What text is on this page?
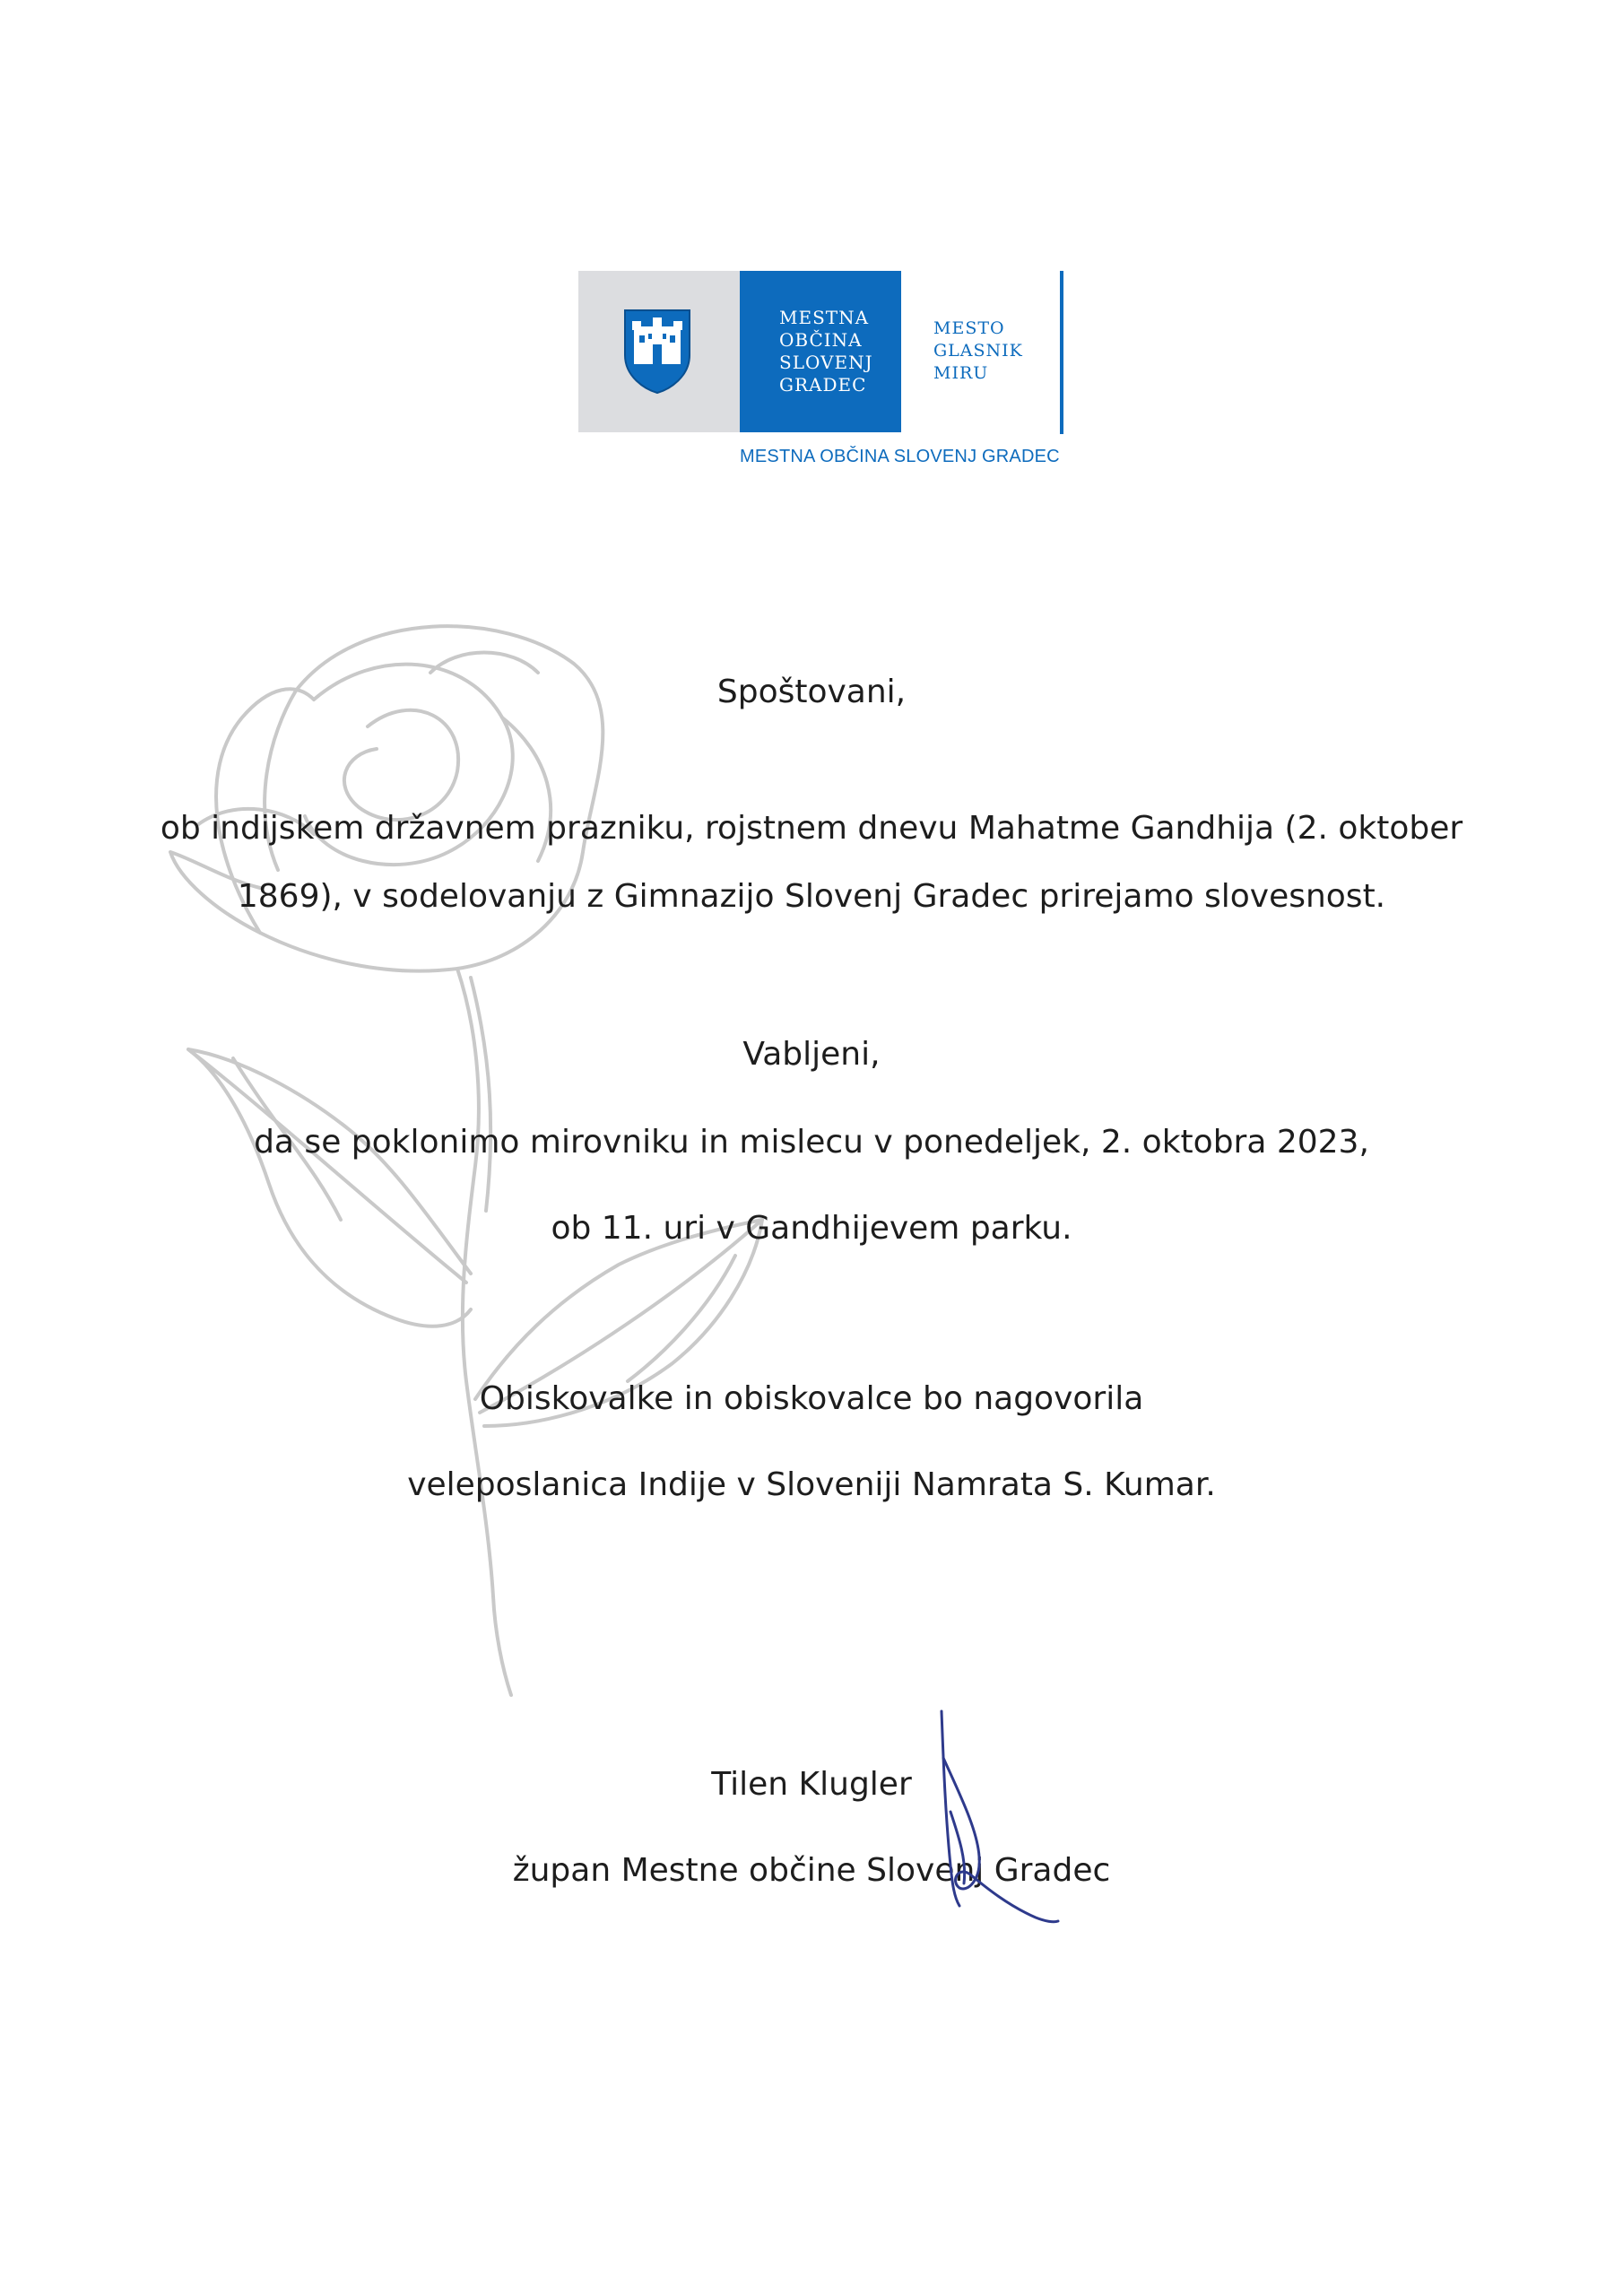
MESTNA
OBČINA
SLOVENJ
GRADEC
MESTO
GLASNIK
MIRU
MESTNA OBČINA SLOVENJ GRADEC
Spoštovani,
ob indijskem državnem prazniku, rojstnem dnevu Mahatme Gandhija (2. oktober
1869), v sodelovanju z Gimnazijo Slovenj Gradec prirejamo slovesnost.
Vabljeni,
da se poklonimo mirovniku in mislecu v ponedeljek, 2. oktobra 2023,
ob 11. uri v Gandhijevem parku.
Obiskovalke in obiskovalce bo nagovorila
veleposlanica Indije v Sloveniji Namrata S. Kumar.
Tilen Klugler
župan Mestne občine Slovenj Gradec
